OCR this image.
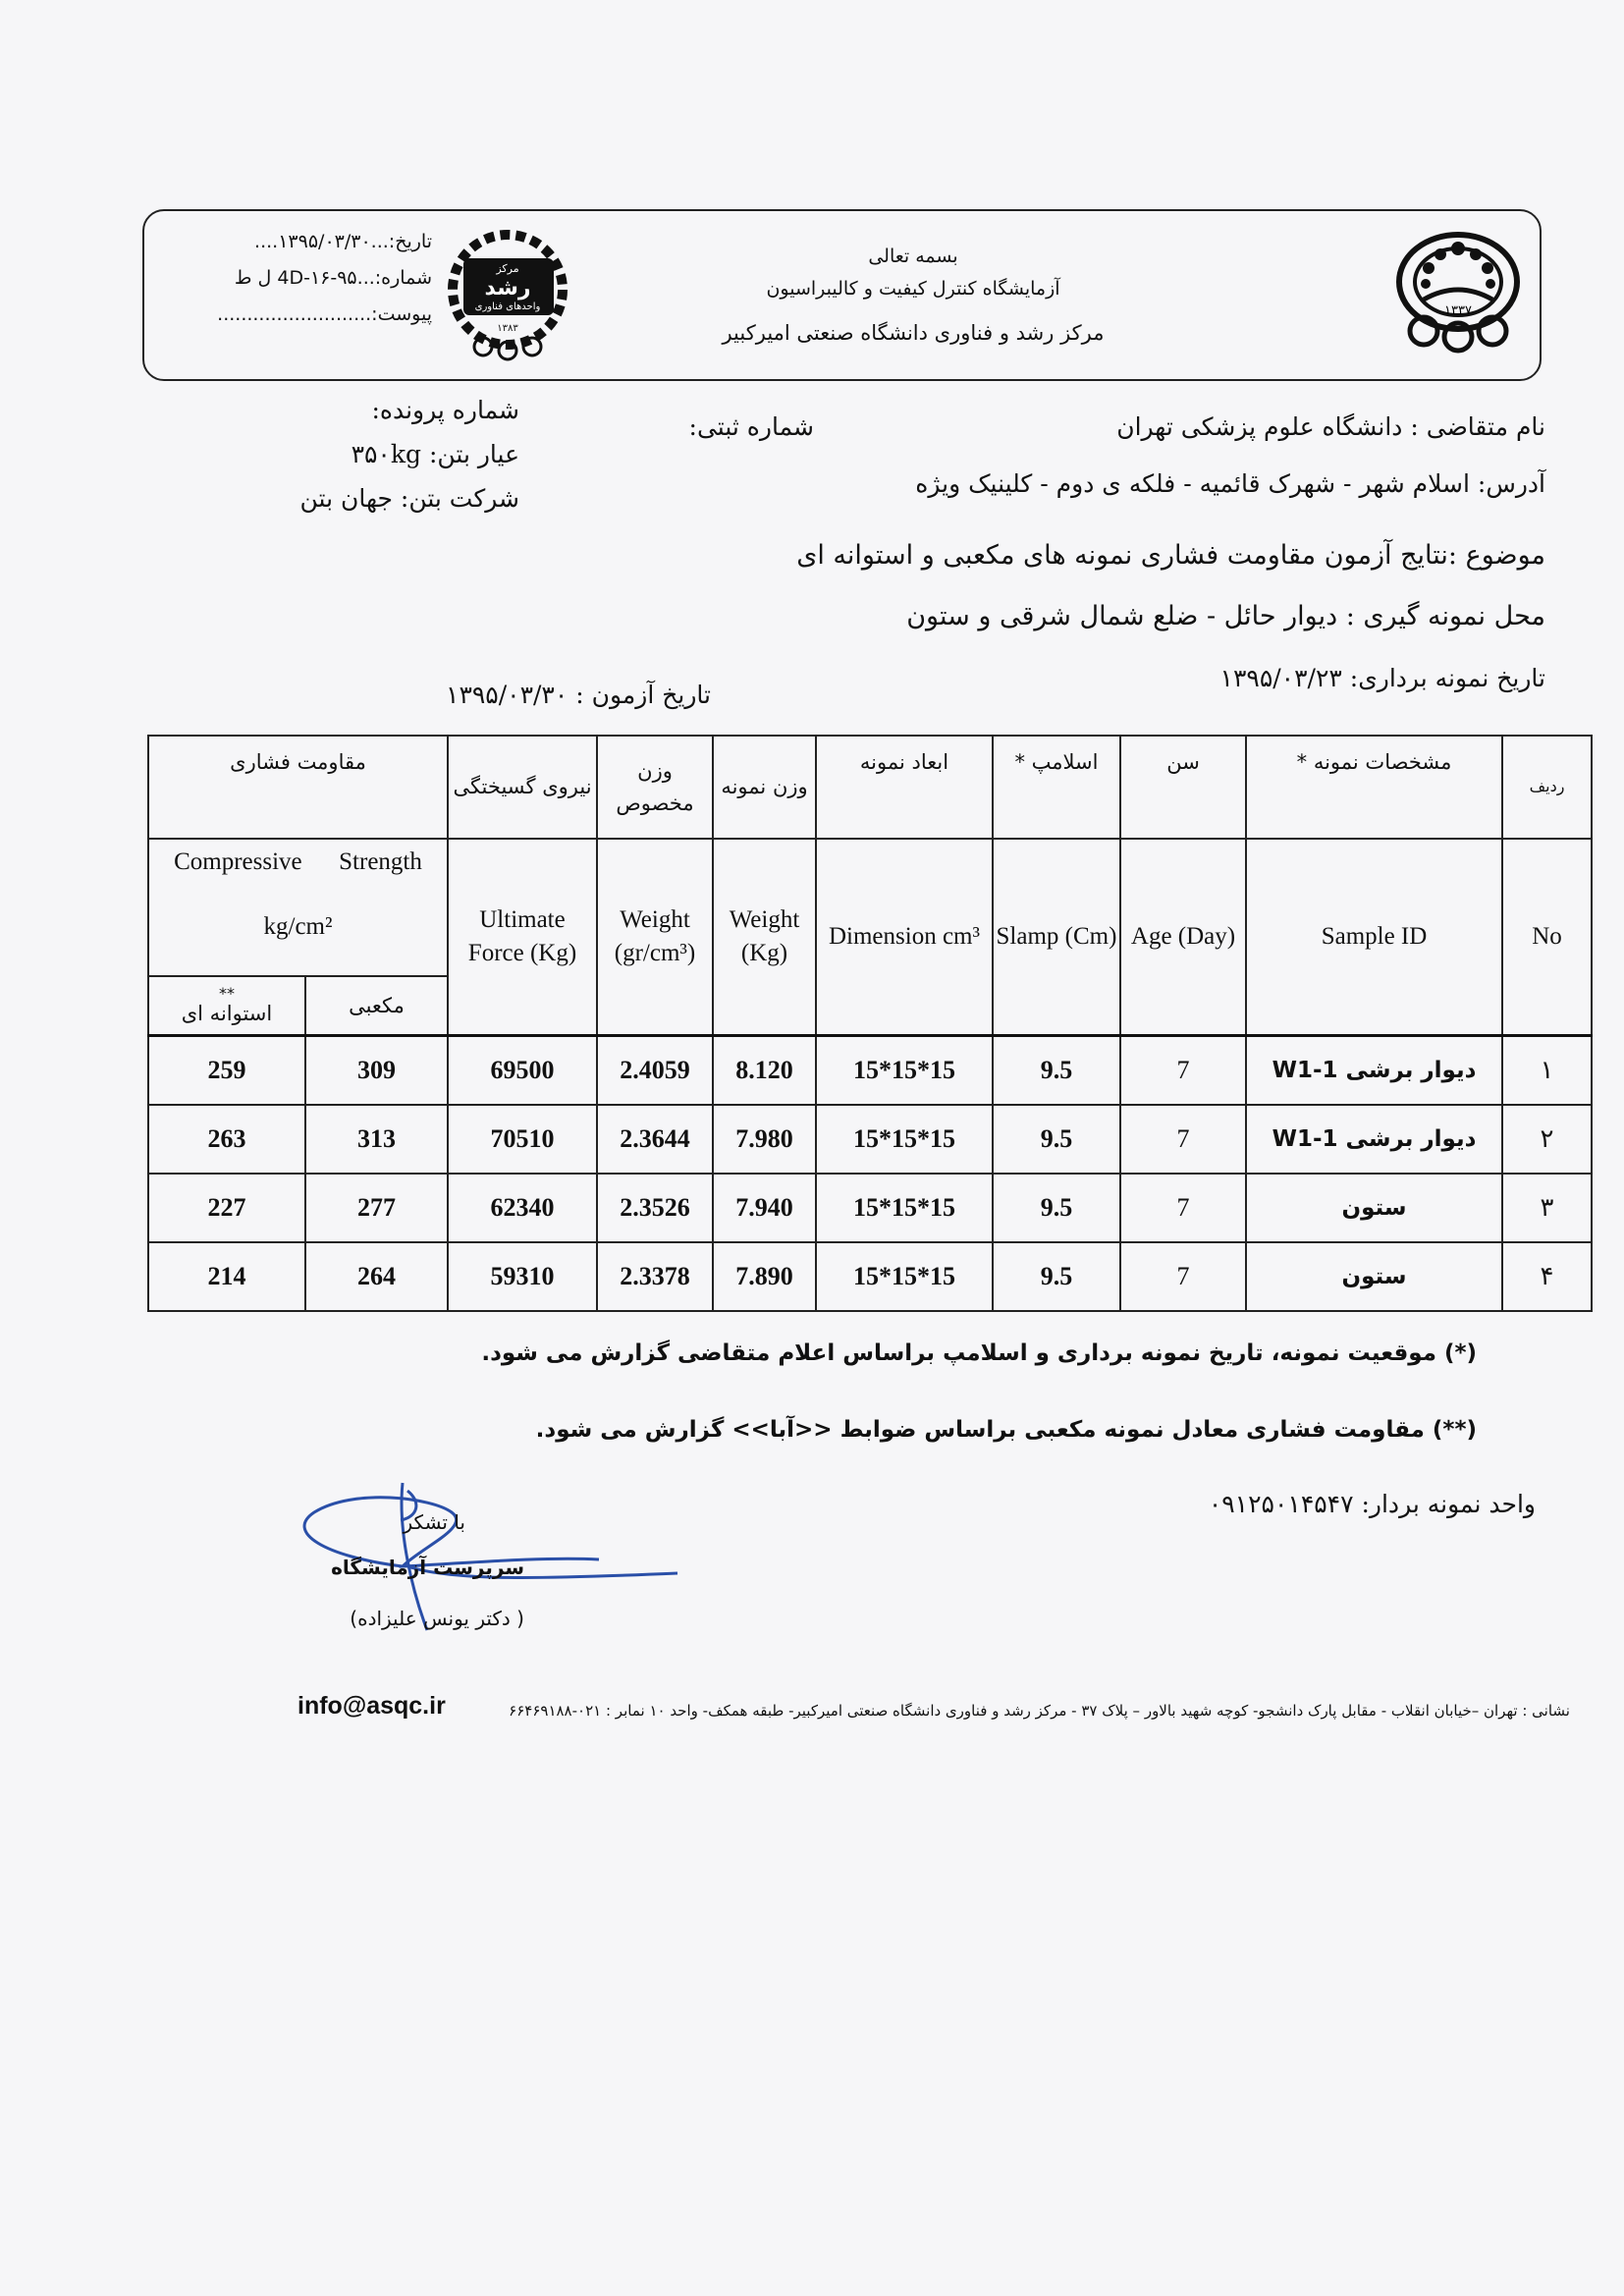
۱۳۳۷
بسمه تعالی
آزمایشگاه کنترل کیفیت و کالیبراسیون
مرکز رشد و فناوری دانشگاه صنعتی امیرکبیر
مرکز
رشد
واحدهای فناوری
۱۳۸۳
تاریخ:...۱۳۹۵/۰۳/۳۰....
شماره:...4D-۱۶-۹۵ ل ط
پیوست:..........................
نام متقاضی : دانشگاه علوم پزشکی تهران
شماره ثبتی:
شماره پرونده:
عیار بتن: ۳۵۰kg
شرکت بتن: جهان بتن
آدرس: اسلام شهر - شهرک قائمیه - فلکه ی دوم - کلینیک ویژه
موضوع :نتایج آزمون مقاومت فشاری نمونه های مکعبی و استوانه ای
محل نمونه گیری : دیوار حائل - ضلع شمال شرقی و ستون
تاریخ نمونه برداری: ۱۳۹۵/۰۳/۲۳
تاریخ آزمون : ۱۳۹۵/۰۳/۳۰
مقاومت فشاری		نیروی گسیختگی	وزن مخصوص	وزن نمونه	ابعاد نمونه	اسلامپ *	سن	مشخصات نمونه *	ردیف

Compressive      Strength
kg/cm²		Ultimate Force (Kg)	Weight (gr/cm³)	Weight (Kg)	Dimension cm³	Slamp (Cm)	Age (Day)	Sample ID	No

**
استوانه ای	مکعبی								
259	309	69500	2.4059	8.120	15*15*15	9.5	7	دیوار برشی W1-1	۱
263	313	70510	2.3644	7.980	15*15*15	9.5	7	دیوار برشی W1-1	۲
227	277	62340	2.3526	7.940	15*15*15	9.5	7	ستون	۳
214	264	59310	2.3378	7.890	15*15*15	9.5	7	ستون	۴
(*) موقعیت نمونه، تاریخ نمونه برداری و اسلامپ براساس اعلام متقاضی گزارش می شود.
(**) مقاومت فشاری معادل نمونه مکعبی براساس ضوابط <<آبا>> گزارش می شود.
واحد نمونه بردار: ۰۹۱۲۵۰۱۴۵۴۷
با تشکر
سرپرست آزمایشگاه
( دکتر یونس علیزاده)
نشانی : تهران –خیابان انقلاب - مقابل پارک دانشجو- کوچه شهید بالاور – پلاک ۳۷ - مرکز رشد و فناوری دانشگاه صنعتی امیرکبیر- طبقه همکف- واحد ۱۰ نمابر : ۰۲۱-۶۶۴۶۹۱۸۸
info@asqc.ir
